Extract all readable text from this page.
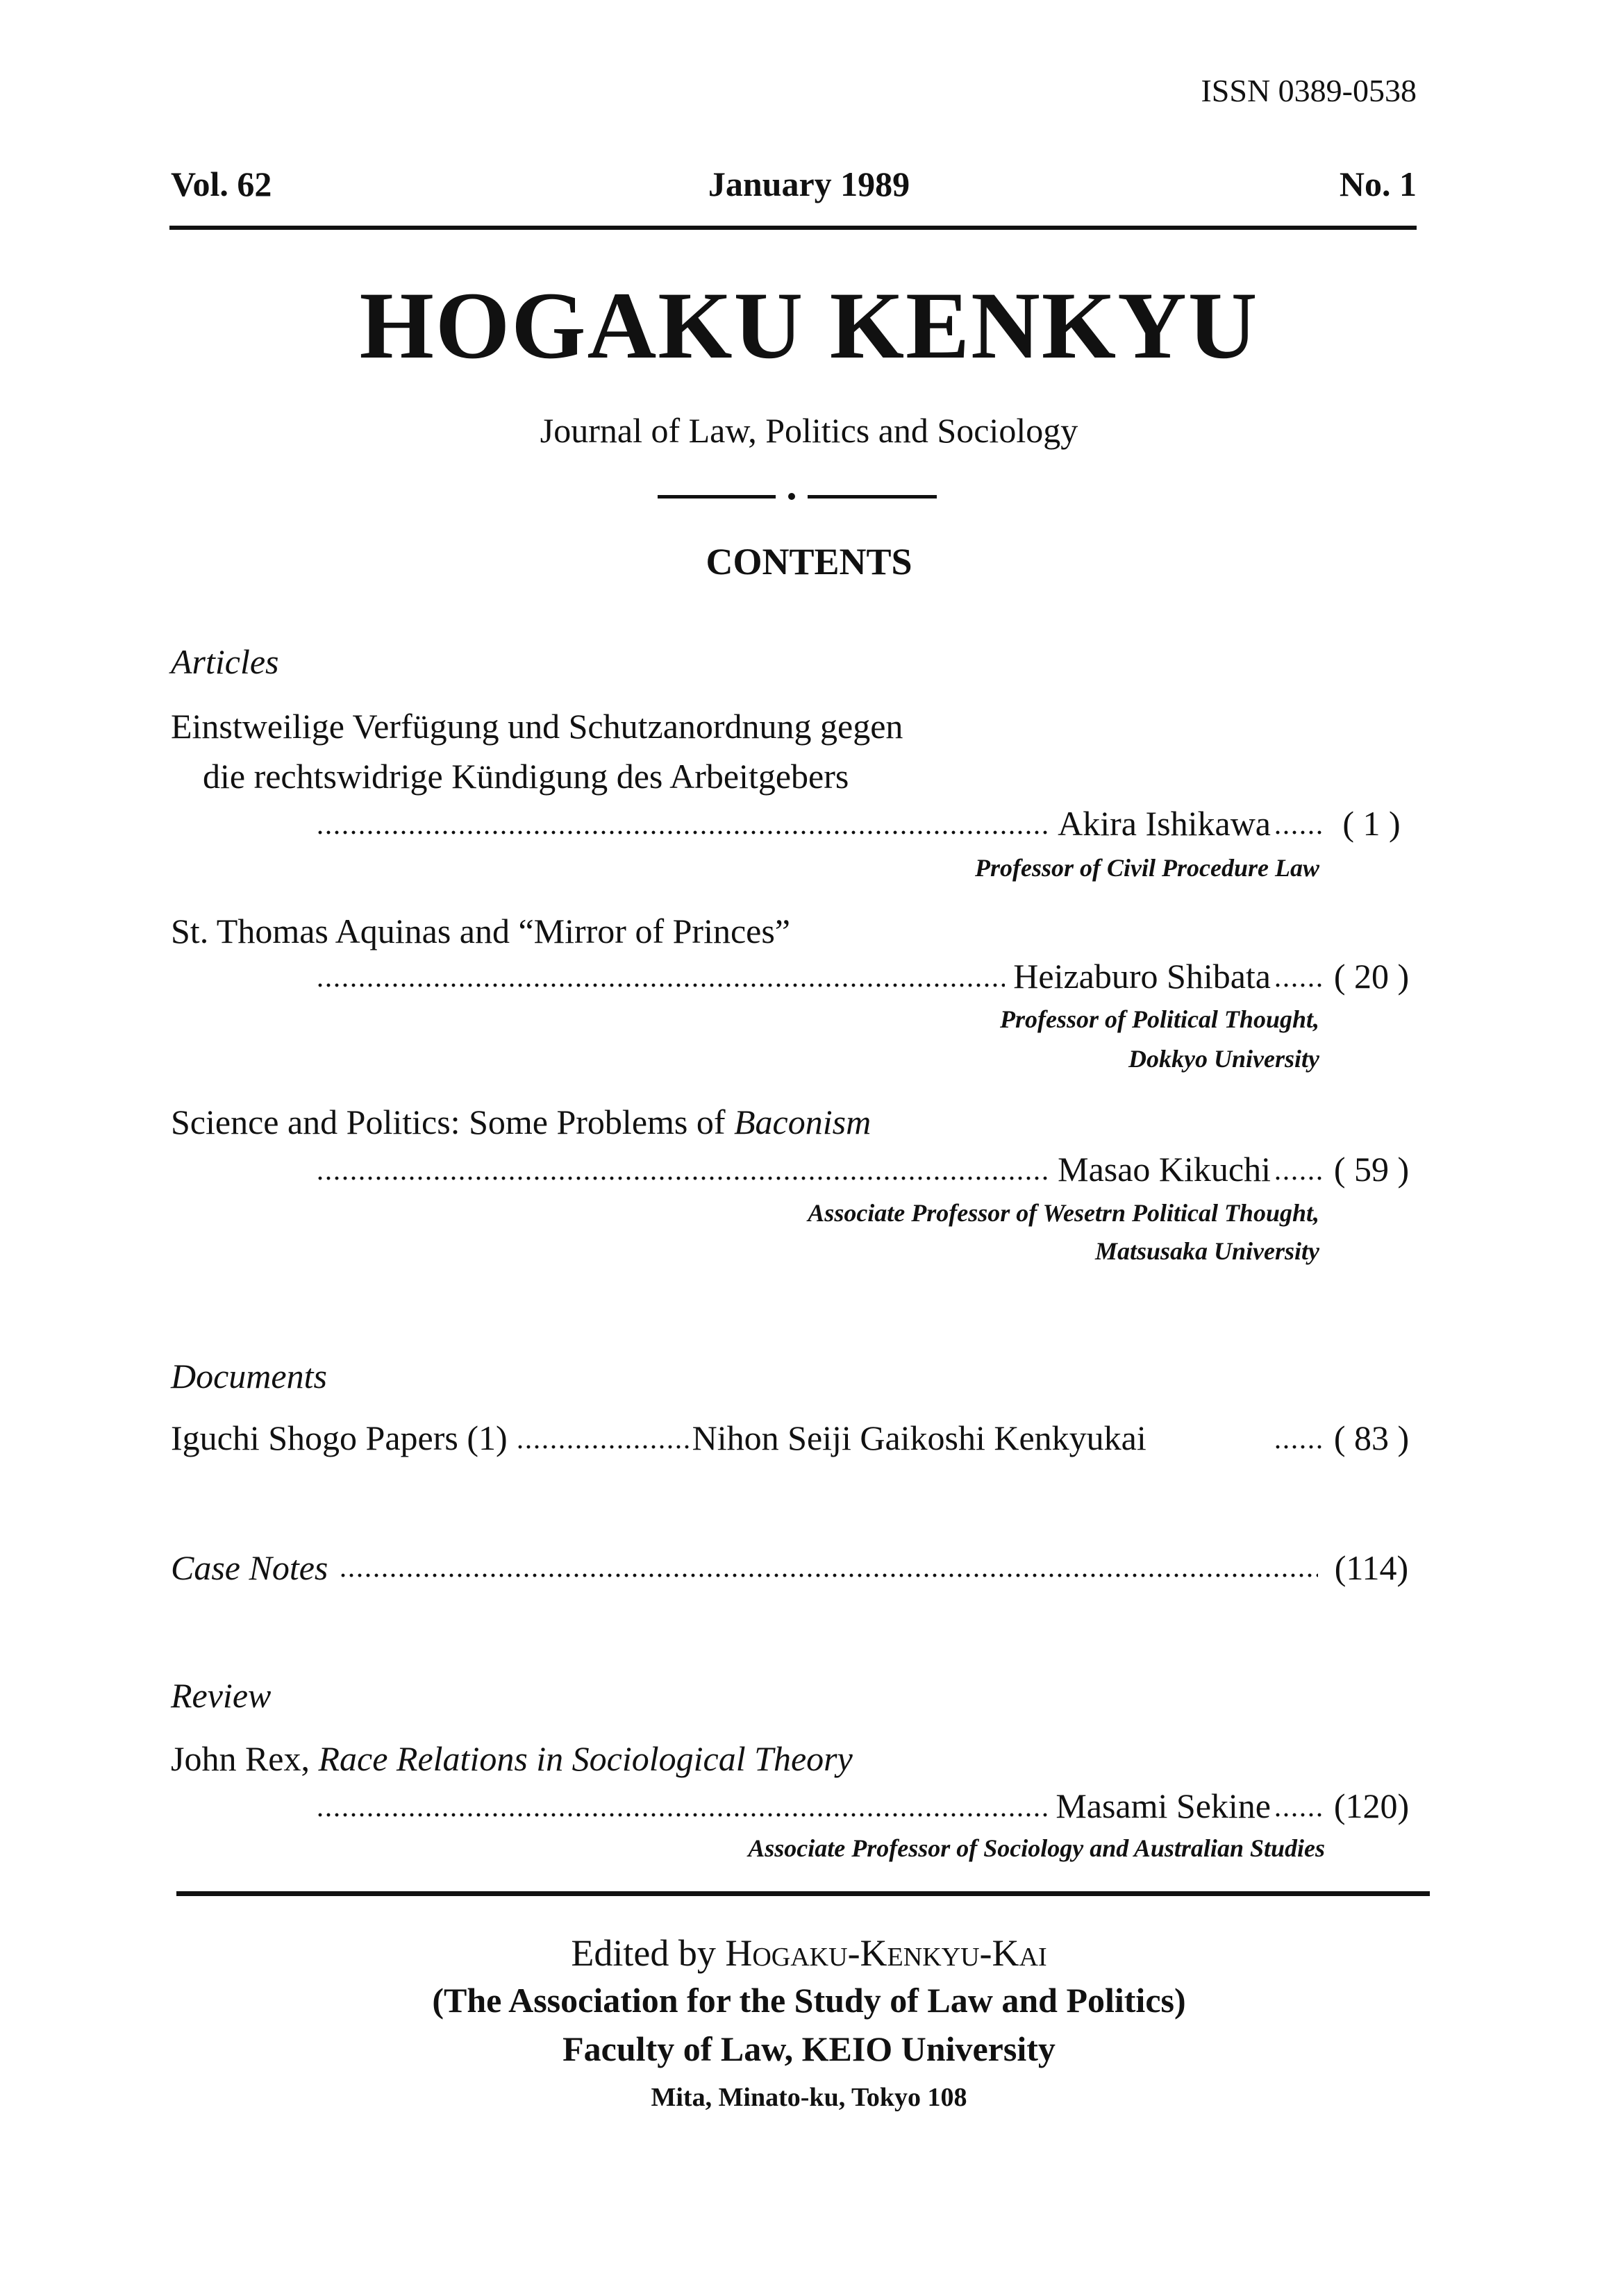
ISSN 0389-0538
Vol. 62	January 1989	No. 1
HOGAKU KENKYU
Journal of Law, Politics and Sociology
CONTENTS
Articles
Einstweilige Verfügung und Schutzanordnung gegen
die rechtswidrige Kündigung des Arbeitgebers
Akira Ishikawa	( 1 )
Professor of Civil Procedure Law
St. Thomas Aquinas and “Mirror of Princes”
Heizaburo Shibata ( 20 )
Professor of Political Thought,
Dokkyo University
Science and Politics: Some Problems of Baconism
Masao Kikuchi ( 59 )
Associate Professor of Wesetrn Political Thought,
Matsusaka University
Documents
Iguchi Shogo Papers (1)	Nihon Seiji Gaikoshi Kenkyukai	( 83 )
Case Notes	(114)
Review
John Rex, Race Relations in Sociological Theory
Masami Sekine (120)
Associate Professor of Sociology and Australian Studies
Edited by Hogaku-Kenkyu-Kai
(The Association for the Study of Law and Politics)
Faculty of Law, KEIO University
Mita, Minato-ku, Tokyo 108
